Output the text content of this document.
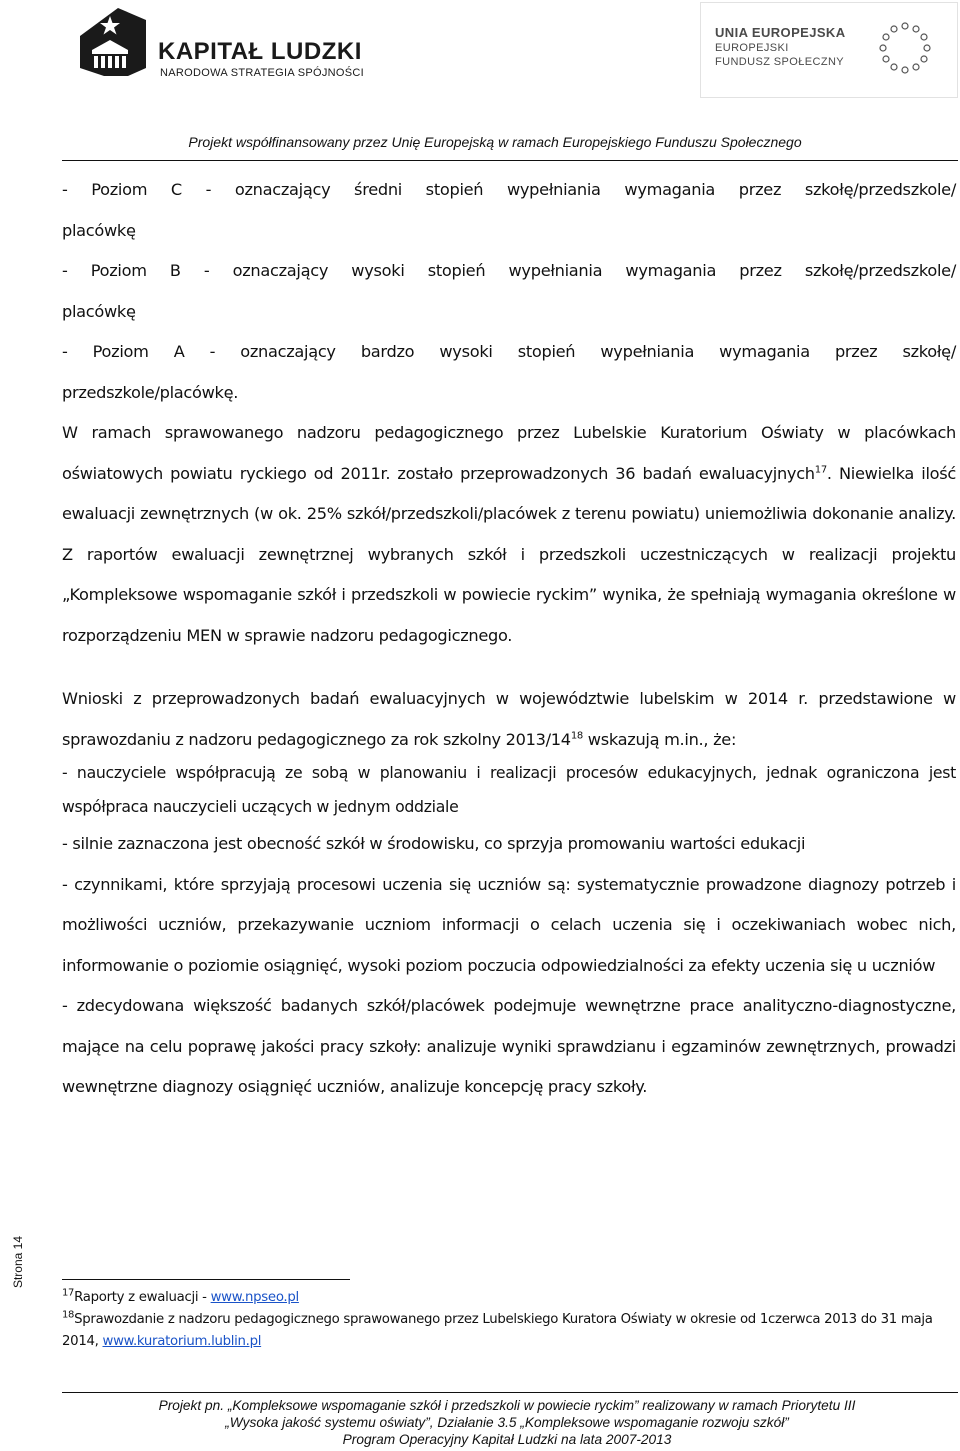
KAPITAŁ LUDZKI
NARODOWA STRATEGIA SPÓJNOŚCI
UNIA EUROPEJSKA
EUROPEJSKI
FUNDUSZ SPOŁECZNY
Projekt współfinansowany przez Unię Europejską w ramach Europejskiego Funduszu Społecznego

- Poziom C - oznaczający średni stopień wypełniania wymagania przez szkołę/przedszkole/

placówkę

- Poziom B - oznaczający wysoki stopień wypełniania wymagania przez szkołę/przedszkole/

placówkę

- Poziom A - oznaczający bardzo wysoki stopień wypełniania wymagania przez szkołę/

przedszkole/placówkę.

W ramach sprawowanego nadzoru pedagogicznego przez Lubelskie Kuratorium Oświaty w placówkach oświatowych powiatu ryckiego od 2011r. zostało przeprowadzonych 36 badań ewaluacyjnych$^{17}$. Niewielka ilość ewaluacji zewnętrznych (w ok. 25% szkół/przedszkoli/placówek z terenu powiatu) uniemożliwia dokonanie analizy. Z raportów ewaluacji zewnętrznej wybranych szkół i przedszkoli uczestniczących w realizacji projektu „Kompleksowe wspomaganie szkół i przedszkoli w powiecie ryckim” wynika, że spełniają wymagania określone w rozporządzeniu MEN w sprawie nadzoru pedagogicznego.

Wnioski z przeprowadzonych badań ewaluacyjnych w województwie lubelskim w 2014 r. przedstawione w sprawozdaniu z nadzoru pedagogicznego za rok szkolny $2013/14^{18}$ wskazują m.in., że:

- nauczyciele współpracują ze sobą w planowaniu i realizacji procesów edukacyjnych, jednak ograniczona jest współpraca nauczycieli uczących w jednym oddziale

- silnie zaznaczona jest obecność szkół w środowisku, co sprzyja promowaniu wartości edukacji

- czynnikami, które sprzyjają procesowi uczenia się uczniów są: systematycznie prowadzone diagnozy potrzeb i możliwości uczniów, przekazywanie uczniom informacji o celach uczenia się i oczekiwaniach wobec nich, informowanie o poziomie osiągnięć, wysoki poziom poczucia odpowiedzialności za efekty uczenia się u uczniów

- zdecydowana większość badanych szkół/placówek podejmuje wewnętrzne prace analityczno-diagnostyczne, mające na celu poprawę jakości pracy szkoły: analizuje wyniki sprawdzianu i egzaminów zewnętrznych, prowadzi wewnętrzne diagnozy osiągnięć uczniów, analizuje koncepcję pracy szkoły.

$^{17}$Raporty z ewaluacji - www.npseo.pl

$^{18}$Sprawozdanie z nadzoru pedagogicznego sprawowanego przez Lubelskiego Kuratora Oświaty w okresie od 1czerwca 2013 do 31 maja 2014, www.kuratorium.lublin.pl

Strona 14
Projekt pn. „Kompleksowe wspomaganie szkół i przedszkoli w powiecie ryckim” realizowany w ramach Priorytetu III
„Wysoka jakość systemu oświaty”, Działanie 3.5 „Kompleksowe wspomaganie rozwoju szkół”
Program Operacyjny Kapitał Ludzki na lata 2007-2013
